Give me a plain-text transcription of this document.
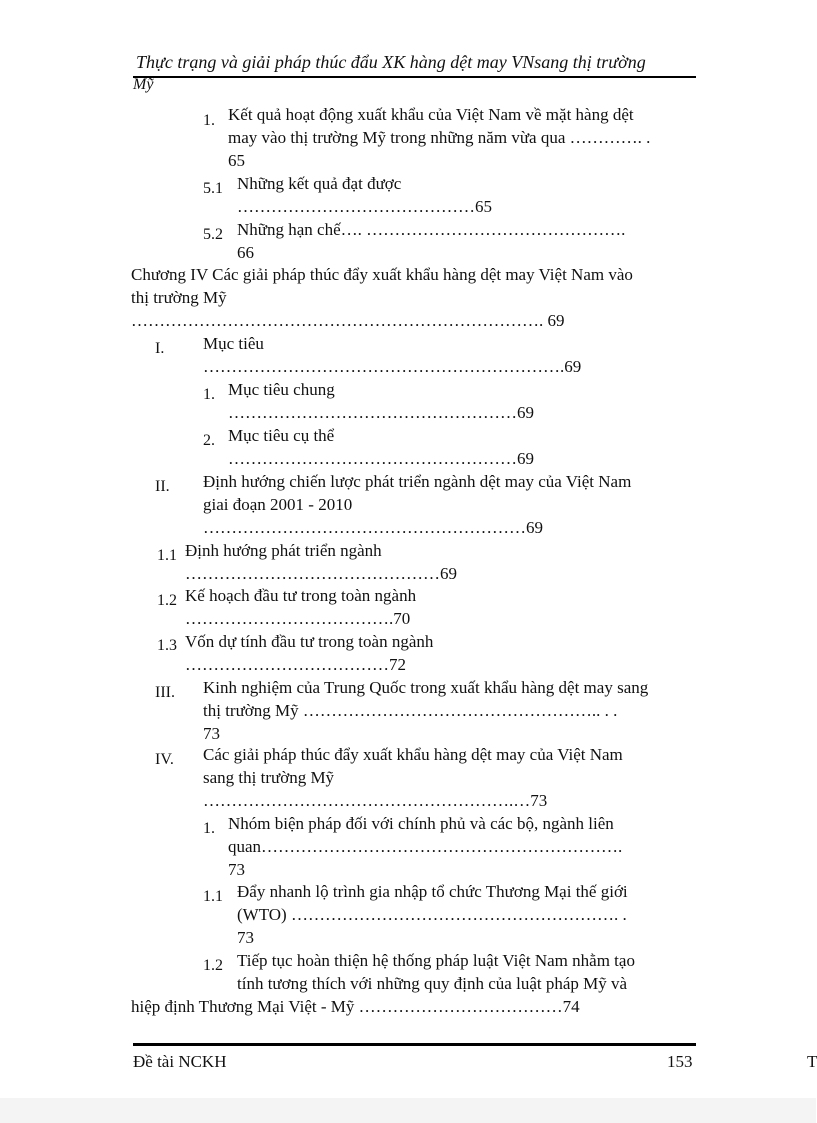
Thực trạng và giải pháp thúc đẩu XK hàng dệt may VNsang thị trường
Mỹ
1. Kết quả hoạt động xuất khẩu của Việt Nam về mặt hàng dệt
may vào thị trường Mỹ trong những năm vừa qua …………. .
65
5.1 Những kết quả đạt được
……………………………………65
5.2 Những hạn chế…. ……………………………………….
66
Chương IV Các giải pháp thúc đẩy xuất khẩu hàng dệt may Việt Nam vào
thị trường Mỹ
………………………………………………………………. 69
I. Mục tiêu
……………………………………………………….69
1. Mục tiêu chung
……………………………………………69
2. Mục tiêu cụ thể
……………………………………………69
II. Định hướng chiến lược phát triển ngành dệt may của Việt Nam
giai đoạn 2001 - 2010
…………………………………………………69
1.1 Định hướng phát triển ngành
………………………………………69
1.2 Kế hoạch đầu tư trong toàn ngành
……………………………….70
1.3 Vốn dự tính đầu tư trong toàn ngành
………………………………72
III. Kinh nghiệm của Trung Quốc trong xuất khẩu hàng dệt may sang
thị trường Mỹ …………………………………………….. . .
73
IV. Các giải pháp thúc đẩy xuất khẩu hàng dệt may của Việt Nam
sang thị trường Mỹ
……………………………………………….…73
1. Nhóm biện pháp đối với chính phủ và các bộ, ngành liên
quan……………………………………………………….
73
1.1 Đẩy nhanh lộ trình gia nhập tổ chức Thương Mại thế giới
(WTO) …………………………………………………. .
73
1.2 Tiếp tục hoàn thiện hệ thống pháp luật Việt Nam nhằm tạo
tính tương thích với những quy định của luật pháp Mỹ và
hiệp định Thương Mại Việt - Mỹ ………………………………74
Đề tài NCKH	153	T
